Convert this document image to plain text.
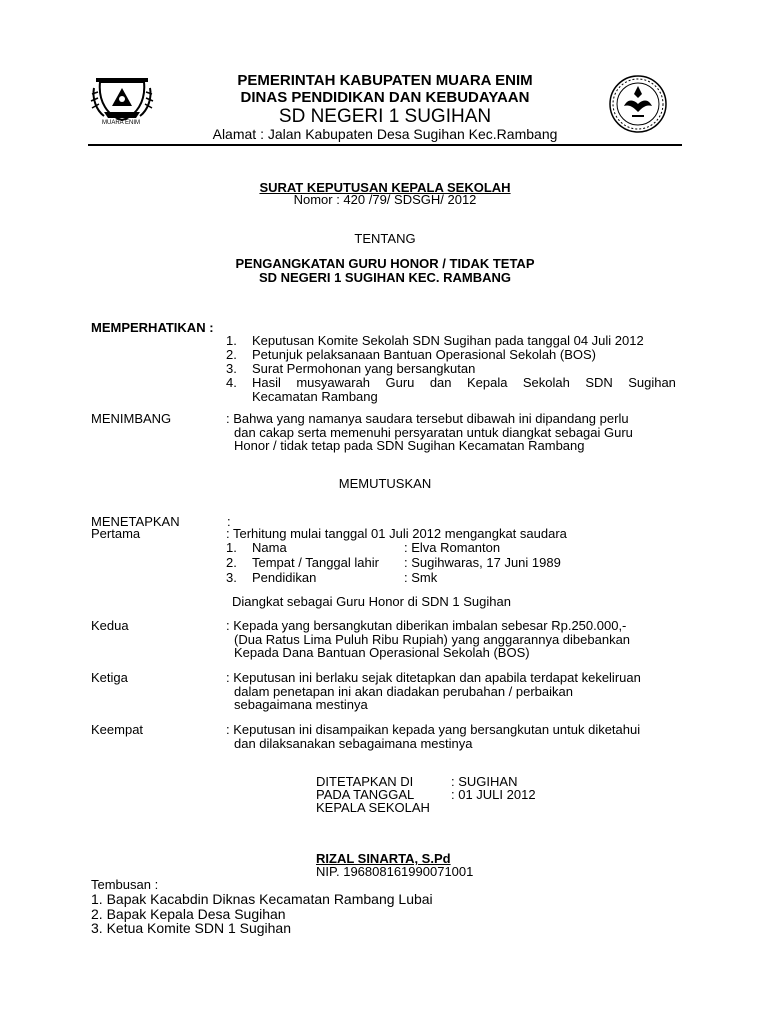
MUARA ENIM
PEMERINTAH KABUPATEN MUARA ENIM
DINAS PENDIDIKAN DAN KEBUDAYAAN
SD NEGERI 1 SUGIHAN
Alamat : Jalan Kabupaten Desa Sugihan Kec.Rambang
SURAT KEPUTUSAN KEPALA SEKOLAH
Nomor : 420 /79/ SDSGH/ 2012
TENTANG
PENGANGKATAN GURU HONOR / TIDAK TETAP
SD NEGERI 1 SUGIHAN KEC. RAMBANG
MEMPERHATIKAN :
1. Keputusan Komite Sekolah SDN Sugihan pada tanggal 04 Juli 2012
2. Petunjuk pelaksanaan Bantuan Operasional Sekolah (BOS)
3. Surat Permohonan yang bersangkutan
4.	Hasil musyawarah Guru dan Kepala Sekolah SDN Sugihan
Kecamatan Rambang
MENIMBANG	: Bahwa yang namanya saudara tersebut dibawah ini dipandang perlu
dan cakap serta memenuhi persyaratan untuk diangkat sebagai Guru
Honor / tidak tetap pada SDN Sugihan Kecamatan Rambang
MEMUTUSKAN
MENETAPKAN	:
Pertama	: Terhitung mulai tanggal 01 Juli 2012 mengangkat saudara
1. Nama	: Elva Romanton
2. Tempat / Tanggal lahir : Sugihwaras, 17 Juni 1989
3. Pendidikan	: Smk
Diangkat sebagai Guru Honor di SDN 1 Sugihan
Kedua	: Kepada yang bersangkutan diberikan imbalan sebesar Rp.250.000,-
(Dua Ratus Lima Puluh Ribu Rupiah) yang anggarannya dibebankan
Kepada Dana Bantuan Operasional Sekolah (BOS)
Ketiga	: Keputusan ini berlaku sejak ditetapkan dan apabila terdapat kekeliruan
dalam penetapan ini akan diadakan perubahan / perbaikan
sebagaimana mestinya
Keempat	: Keputusan ini disampaikan kepada yang bersangkutan untuk diketahui
dan dilaksanakan sebagaimana mestinya
DITETAPKAN DI	: SUGIHAN
PADA TANGGAL	: 01 JULI 2012
KEPALA SEKOLAH
RIZAL SINARTA, S.Pd
NIP. 196808161990071001
Tembusan :
1. Bapak Kacabdin Diknas Kecamatan Rambang Lubai
2. Bapak Kepala Desa Sugihan
3. Ketua Komite SDN 1 Sugihan
